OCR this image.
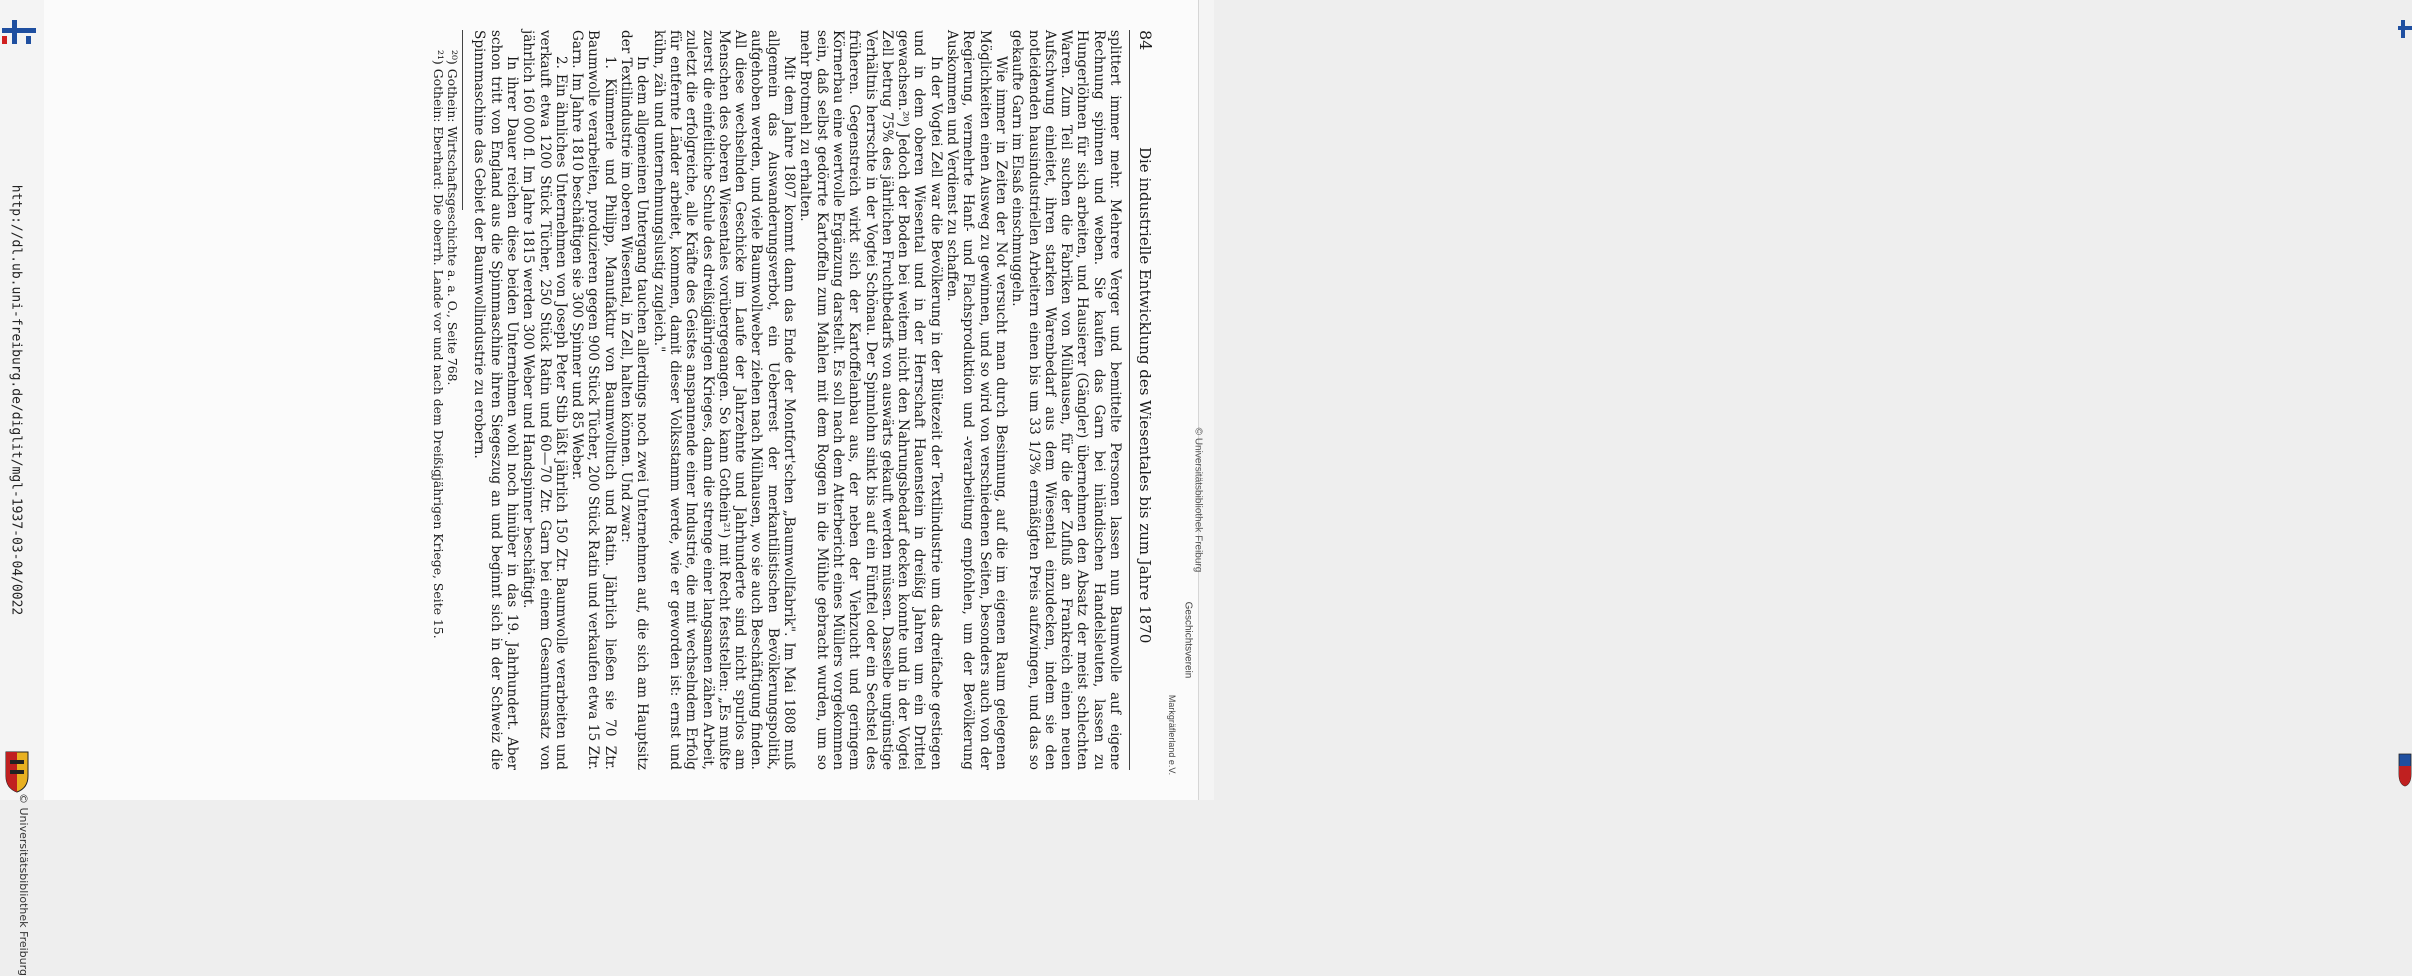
http://dl.ub.uni-freiburg.de/diglit/mgl-1937-03-04/0022
© Universitätsbibliothek Freiburg
Geschichtsverein
Markgräflerland e.V.
© Universitätsbibliothek Freiburg
84
Die industrielle Entwicklung des Wiesentales bis zum Jahre 1870

splittert immer mehr. Mehrere Verger und bemittelte Personen lassen nun Baumwolle auf eigene Rechnung spinnen und weben. Sie kaufen das Garn bei inländischen Handelsleuten, lassen zu Hungerlöhnen für sich arbeiten, und Hausierer (Gängler) übernehmen den Absatz der meist schlechten Waren. Zum Teil suchen die Fabriken von Mülhausen, für die der Zufluß an Frankreich einen neuen Aufschwung einleitet, ihren starken Warenbedarf aus dem Wiesental einzudecken, indem sie den notleidenden hausindustriellen Arbeitern einen bis um 33 1/3% ermäßigten Preis aufzwingen, und das so gekaufte Garn im Elsaß einschmuggeln.

Wie immer in Zeiten der Not versucht man durch Besinnung, auf die im eigenen Raum gelegenen Möglichkeiten einen Ausweg zu gewinnen, und so wird von verschiedenen Seiten, besonders auch von der Regierung, vermehrte Hanf- und Flachsproduktion und -verarbeitung empfohlen, um der Bevölkerung Auskommen und Verdienst zu schaffen.

In der Vogtei Zell war die Bevölkerung in der Blütezeit der Textilindustrie um das dreifache gestiegen und in dem oberen Wiesental und in der Herrschaft Hauenstein in dreißig Jahren um ein Drittel gewachsen.²⁰) Jedoch der Boden bei weitem nicht den Nahrungsbedarf decken konnte und in der Vogtei Zell betrug 75% des jährlichen Fruchtbedarfs von auswärts gekauft werden müssen. Dasselbe ungünstige Verhältnis herrschte in der Vogtei Schönau. Der Spinnlohn sinkt bis auf ein Fünftel oder ein Sechstel des früheren. Gegenstreich wirkt sich der Kartoffelanbau aus, der neben der Viehzucht und geringem Körnerbau eine wertvolle Ergänzung darstellt. Es soll nach dem Atterbericht eines Müllers vorgekommen sein, daß selbst gedörrte Kartoffeln zum Mahlen mit dem Roggen in die Mühle gebracht wurden, um so mehr Brotmehl zu erhalten.

Mit dem Jahre 1807 kommt dann das Ende der Montfort'schen „Baumwollfabrik". Im Mai 1808 muß allgemein das Auswanderungsverbot, ein Ueberrest der merkantilistischen Bevölkerungspolitik, aufgehoben werden, und viele Baumwollweber ziehen nach Mülhausen, wo sie auch Beschäftigung finden. All diese wechselnden Geschicke im Laufe der Jahrzehnte und Jahrhunderte sind nicht spurlos am Menschen des oberen Wiesentales vorübergegangen. So kann Gothein²¹) mit Recht feststellen: „Es mußte zuerst die einfeitliche Schule des dreißigjährigen Krieges, dann die strenge einer langsamen zähen Arbeit, zuletzt die erfolgreiche, alle Kräfte des Geistes anspannende einer Industrie, die mit wechselndem Erfolg für entfernte Länder arbeitet, kommen, damit dieser Volksstamm werde, wie er geworden ist: ernst und kühn, zäh und unternehmungslustig zugleich."

In dem allgemeinen Untergang tauchen allerdings noch zwei Unternehmen auf, die sich am Hauptsitz der Textilindustrie im oberen Wiesental, in Zell, halten können. Und zwar:

1. Kümmerle und Philipp, Manufaktur von Baumwolltuch und Ratin. Jährlich ließen sie 70 Ztr. Baumwolle verarbeiten, produzieren gegen 900 Stück Tücher, 200 Stück Ratin und verkaufen etwa 15 Ztr. Garn. Im Jahre 1810 beschäftigen sie 300 Spinner und 85 Weber.

2. Ein ähnliches Unternehmen von Joseph Peter Stib läßt jährlich 150 Ztr. Baumwolle verarbeiten und verkauft etwa 1200 Stück Tücher, 250 Stück Ratin und 60—70 Ztr. Garn bei einem Gesamtumsatz von jährlich 160 000 fl. Im Jahre 1815 werden 300 Weber und Handspinner beschäftigt.

In ihrer Dauer reichen diese beiden Unternehmen wohl noch hinüber in das 19. Jahrhundert. Aber schon tritt von England aus die Spinnmaschine ihren Siegeszug an und beginnt sich in der Schweiz die Spinnmaschine das Gebiet der Baumwollindustrie zu erobern.

²⁰) Gothein: Wirtschaftsgeschichte a. a. O., Seite 768.

²¹) Gothein: Eberhard: Die oberrh. Lande vor und nach dem Dreißigjährigen Kriege, Seite 15.
